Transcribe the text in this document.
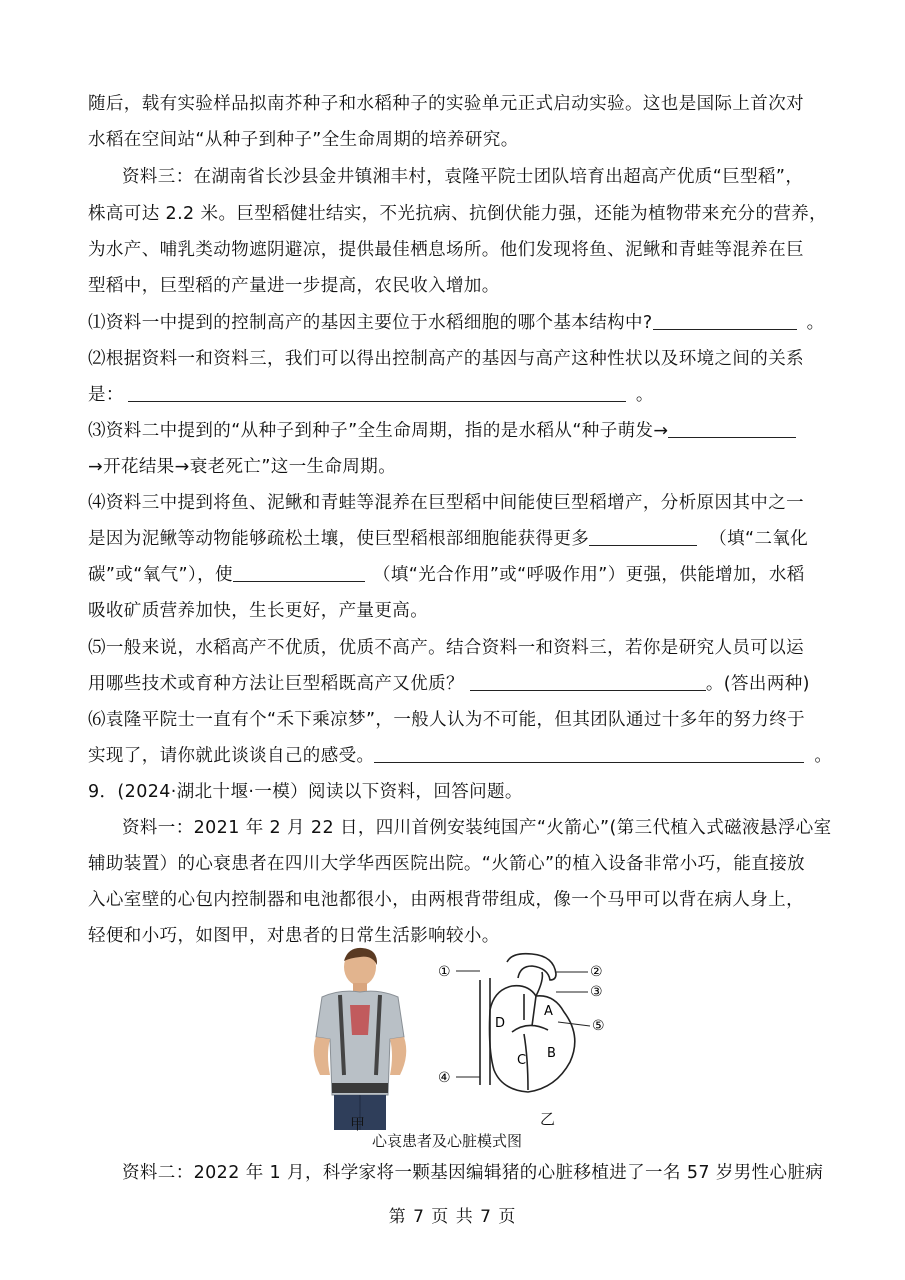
随后，载有实验样品拟南芥种子和水稻种子的实验单元正式启动实验。这也是国际上首次对
水稻在空间站“从种子到种子”全生命周期的培养研究。
资料三：在湖南省长沙县金井镇湘丰村，袁隆平院士团队培育出超高产优质“巨型稻”，
株高可达 2.2 米。巨型稻健壮结实，不光抗病、抗倒伏能力强，还能为植物带来充分的营养，
为水产、哺乳类动物遮阴避凉，提供最佳栖息场所。他们发现将鱼、泥鳅和青蛙等混养在巨
型稻中，巨型稻的产量进一步提高，农民收入增加。
⑴资料一中提到的控制高产的基因主要位于水稻细胞的哪个基本结构中?	。
⑵根据资料一和资料三，我们可以得出控制高产的基因与高产这种性状以及环境之间的关系
是：	。
⑶资料二中提到的“从种子到种子”全生命周期，指的是水稻从“种子萌发→
→开花结果→衰老死亡”这一生命周期。
⑷资料三中提到将鱼、泥鳅和青蛙等混养在巨型稻中间能使巨型稻增产，分析原因其中之一
是因为泥鳅等动物能够疏松土壤，使巨型稻根部细胞能获得更多	（填“二氧化
碳”或“氧气”），使	（填“光合作用”或“呼吸作用”）更强，供能增加，水稻
吸收矿质营养加快，生长更好，产量更高。
⑸一般来说，水稻高产不优质，优质不高产。结合资料一和资料三，若你是研究人员可以运
用哪些技术或育种方法让巨型稻既高产又优质？	。(答出两种)
⑹袁隆平院士一直有个“禾下乘凉梦”，一般人认为不可能，但其团队通过十多年的努力终于
实现了，请你就此谈谈自己的感受。	。
9．(2024·湖北十堰·一模）阅读以下资料，回答问题。
资料一：2021 年 2 月 22 日，四川首例安装纯国产“火箭心”(第三代植入式磁液悬浮心室
辅助装置）的心衰患者在四川大学华西医院出院。“火箭心”的植入设备非常小巧，能直接放
入心室壁的心包内控制器和电池都很小，由两根背带组成，像一个马甲可以背在病人身上，
轻便和小巧，如图甲，对患者的日常生活影响较小。
甲
D
A
B
C
①	②
③
④
⑤
乙
心哀患者及心脏模式图
资料二：2022 年 1 月，科学家将一颗基因编辑猪的心脏移植进了一名 57 岁男性心脏病
第 7 页 共 7 页
